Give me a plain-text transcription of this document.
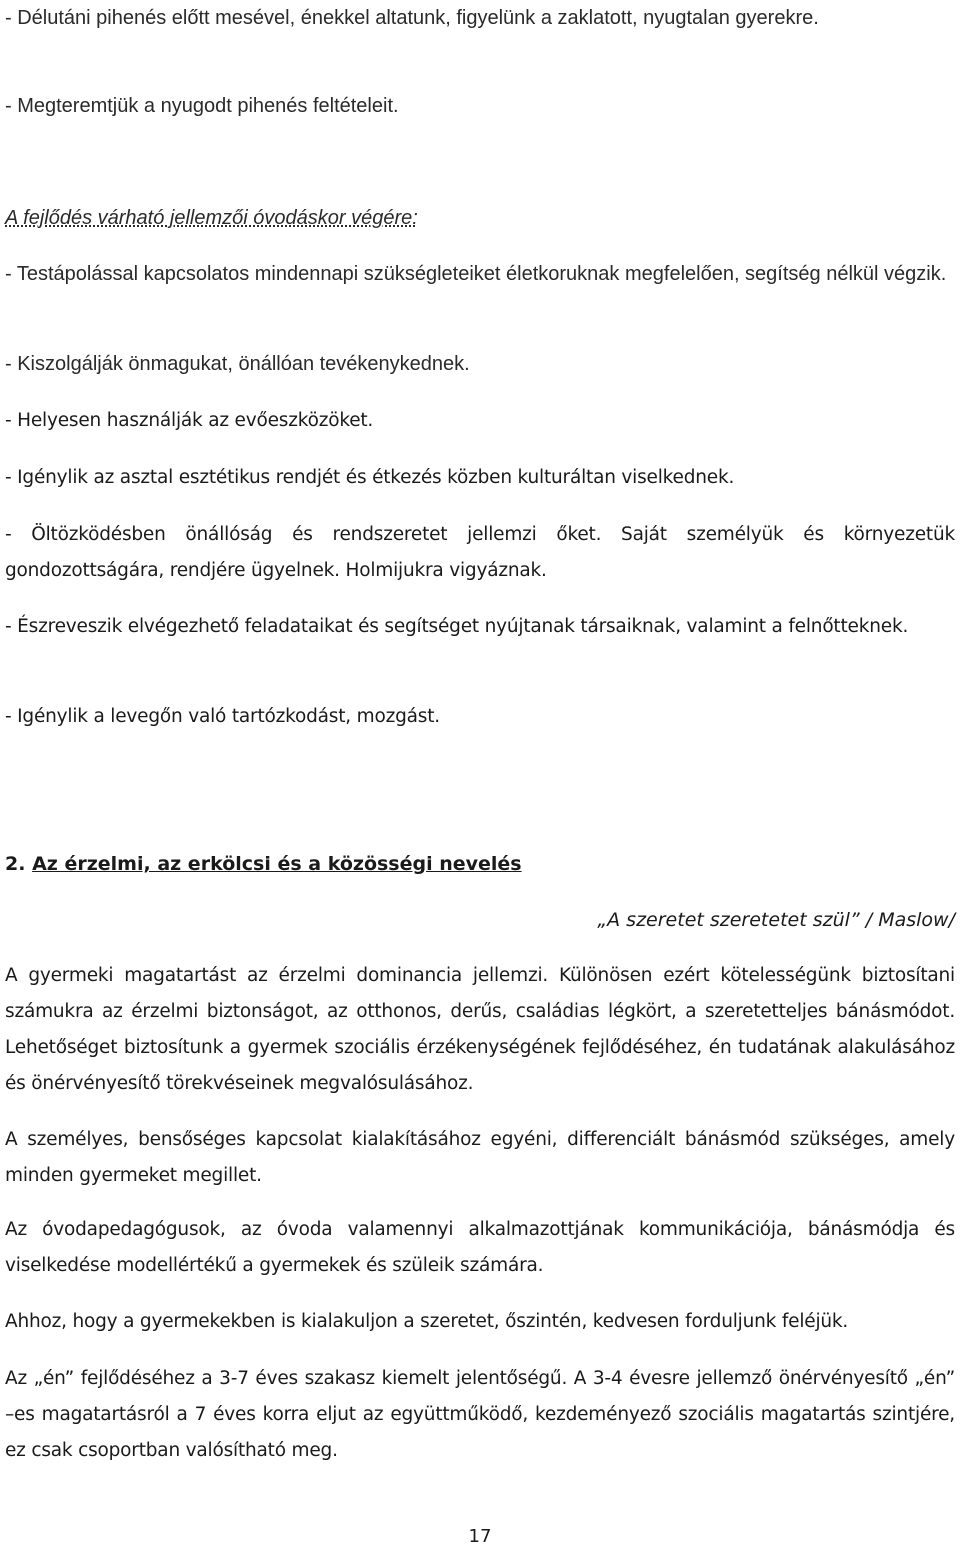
- Délutáni pihenés előtt mesével, énekkel altatunk, figyelünk a zaklatott, nyugtalan gyerekre.

- Megteremtjük a nyugodt pihenés feltételeit.

A fejlődés várható jellemzői óvodáskor végére:

- Testápolással kapcsolatos mindennapi szükségleteiket életkoruknak megfelelően, segítség nélkül végzik.

- Kiszolgálják önmagukat, önállóan tevékenykednek.

- Helyesen használják az evőeszközöket.

- Igénylik az asztal esztétikus rendjét és étkezés közben kulturáltan viselkednek.

- Öltözködésben önállóság és rendszeretet jellemzi őket. Saját személyük és környezetük gondozottságára, rendjére ügyelnek. Holmijukra vigyáznak.

- Észreveszik elvégezhető feladataikat és segítséget nyújtanak társaiknak, valamint a felnőtteknek.

- Igénylik a levegőn való tartózkodást, mozgást.

2. Az érzelmi, az erkölcsi és a közösségi nevelés
„A szeretet szeretetet szül” / Maslow/

A gyermeki magatartást az érzelmi dominancia jellemzi. Különösen ezért kötelességünk biztosítani számukra az érzelmi biztonságot, az otthonos, derűs, családias légkört, a szeretetteljes bánásmódot. Lehetőséget biztosítunk a gyermek szociális érzékenységének fejlődéséhez, én tudatának alakulásához és önérvényesítő törekvéseinek megvalósulásához.

A személyes, bensőséges kapcsolat kialakításához egyéni, differenciált bánásmód szükséges, amely minden gyermeket megillet.

Az óvodapedagógusok, az óvoda valamennyi alkalmazottjának kommunikációja, bánásmódja és viselkedése modellértékű a gyermekek és szüleik számára.

Ahhoz, hogy a gyermekekben is kialakuljon a szeretet, őszintén, kedvesen forduljunk feléjük.

Az „én” fejlődéséhez a 3-7 éves szakasz kiemelt jelentőségű. A 3-4 évesre jellemző önérvényesítő „én” –es magatartásról a 7 éves korra eljut az együttműködő, kezdeményező szociális magatartás szintjére, ez csak csoportban valósítható meg.

17
